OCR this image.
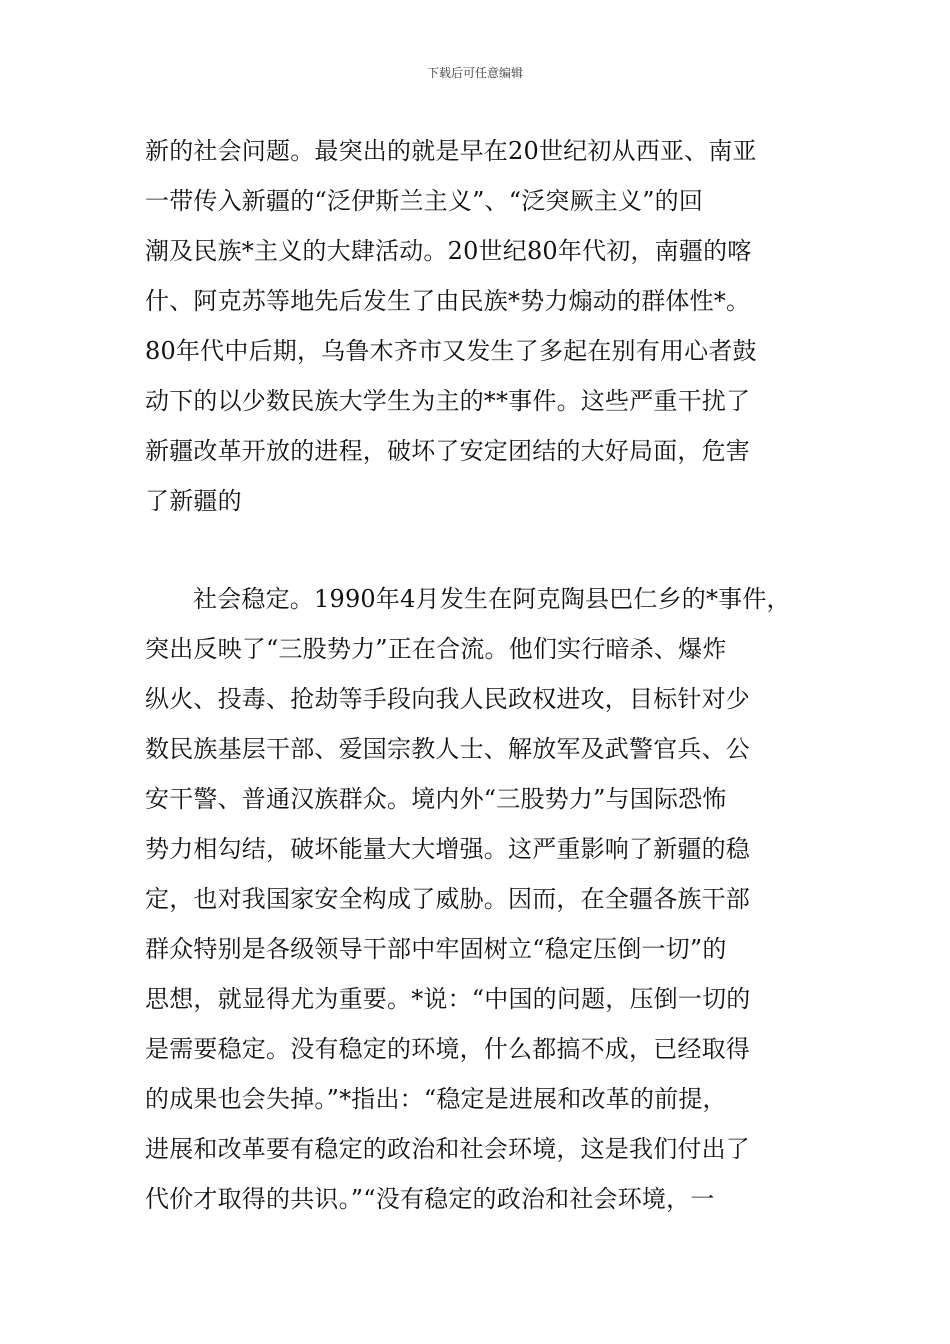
下载后可任意编辑
新的社会问题。最突出的就是早在20世纪初从西亚、南亚
一带传入新疆的“泛伊斯兰主义”、“泛突厥主义”的回
潮及民族*主义的大肆活动。20世纪80年代初，南疆的喀
什、阿克苏等地先后发生了由民族*势力煽动的群体性*。
80年代中后期，乌鲁木齐市又发生了多起在别有用心者鼓
动下的以少数民族大学生为主的**事件。这些严重干扰了
新疆改革开放的进程，破坏了安定团结的大好局面，危害
了新疆的
社会稳定。1990年4月发生在阿克陶县巴仁乡的*事件，
突出反映了“三股势力”正在合流。他们实行暗杀、爆炸
纵火、投毒、抢劫等手段向我人民政权进攻，目标针对少
数民族基层干部、爱国宗教人士、解放军及武警官兵、公
安干警、普通汉族群众。境内外“三股势力”与国际恐怖
势力相勾结，破坏能量大大增强。这严重影响了新疆的稳
定，也对我国家安全构成了威胁。因而，在全疆各族干部
群众特别是各级领导干部中牢固树立“稳定压倒一切”的
思想，就显得尤为重要。*说：“中国的问题，压倒一切的
是需要稳定。没有稳定的环境，什么都搞不成，已经取得
的成果也会失掉。”*指出：“稳定是进展和改革的前提，
进展和改革要有稳定的政治和社会环境，这是我们付出了
代价才取得的共识。”“没有稳定的政治和社会环境，一
